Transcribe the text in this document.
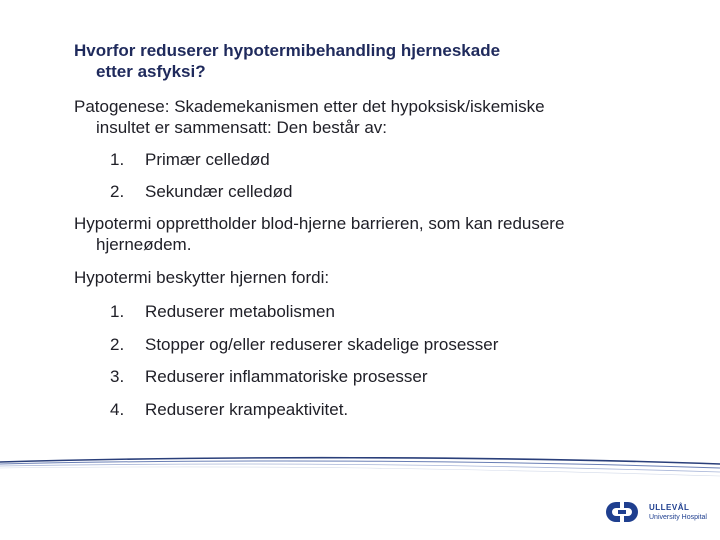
Hvorfor reduserer hypotermibehandling hjerneskade
etter asfyksi?
Patogenese: Skademekanismen etter det hypoksisk/iskemiske
insultet er sammensatt: Den består av:
1. Primær celledød
2. Sekundær celledød
Hypotermi opprettholder blod-hjerne barrieren, som kan redusere
hjerneødem.
Hypotermi beskytter hjernen fordi:
1. Reduserer metabolismen
2. Stopper og/eller reduserer skadelige prosesser
3. Reduserer inflammatoriske prosesser
4. Reduserer krampeaktivitet.
ULLEVÅL
University Hospital
